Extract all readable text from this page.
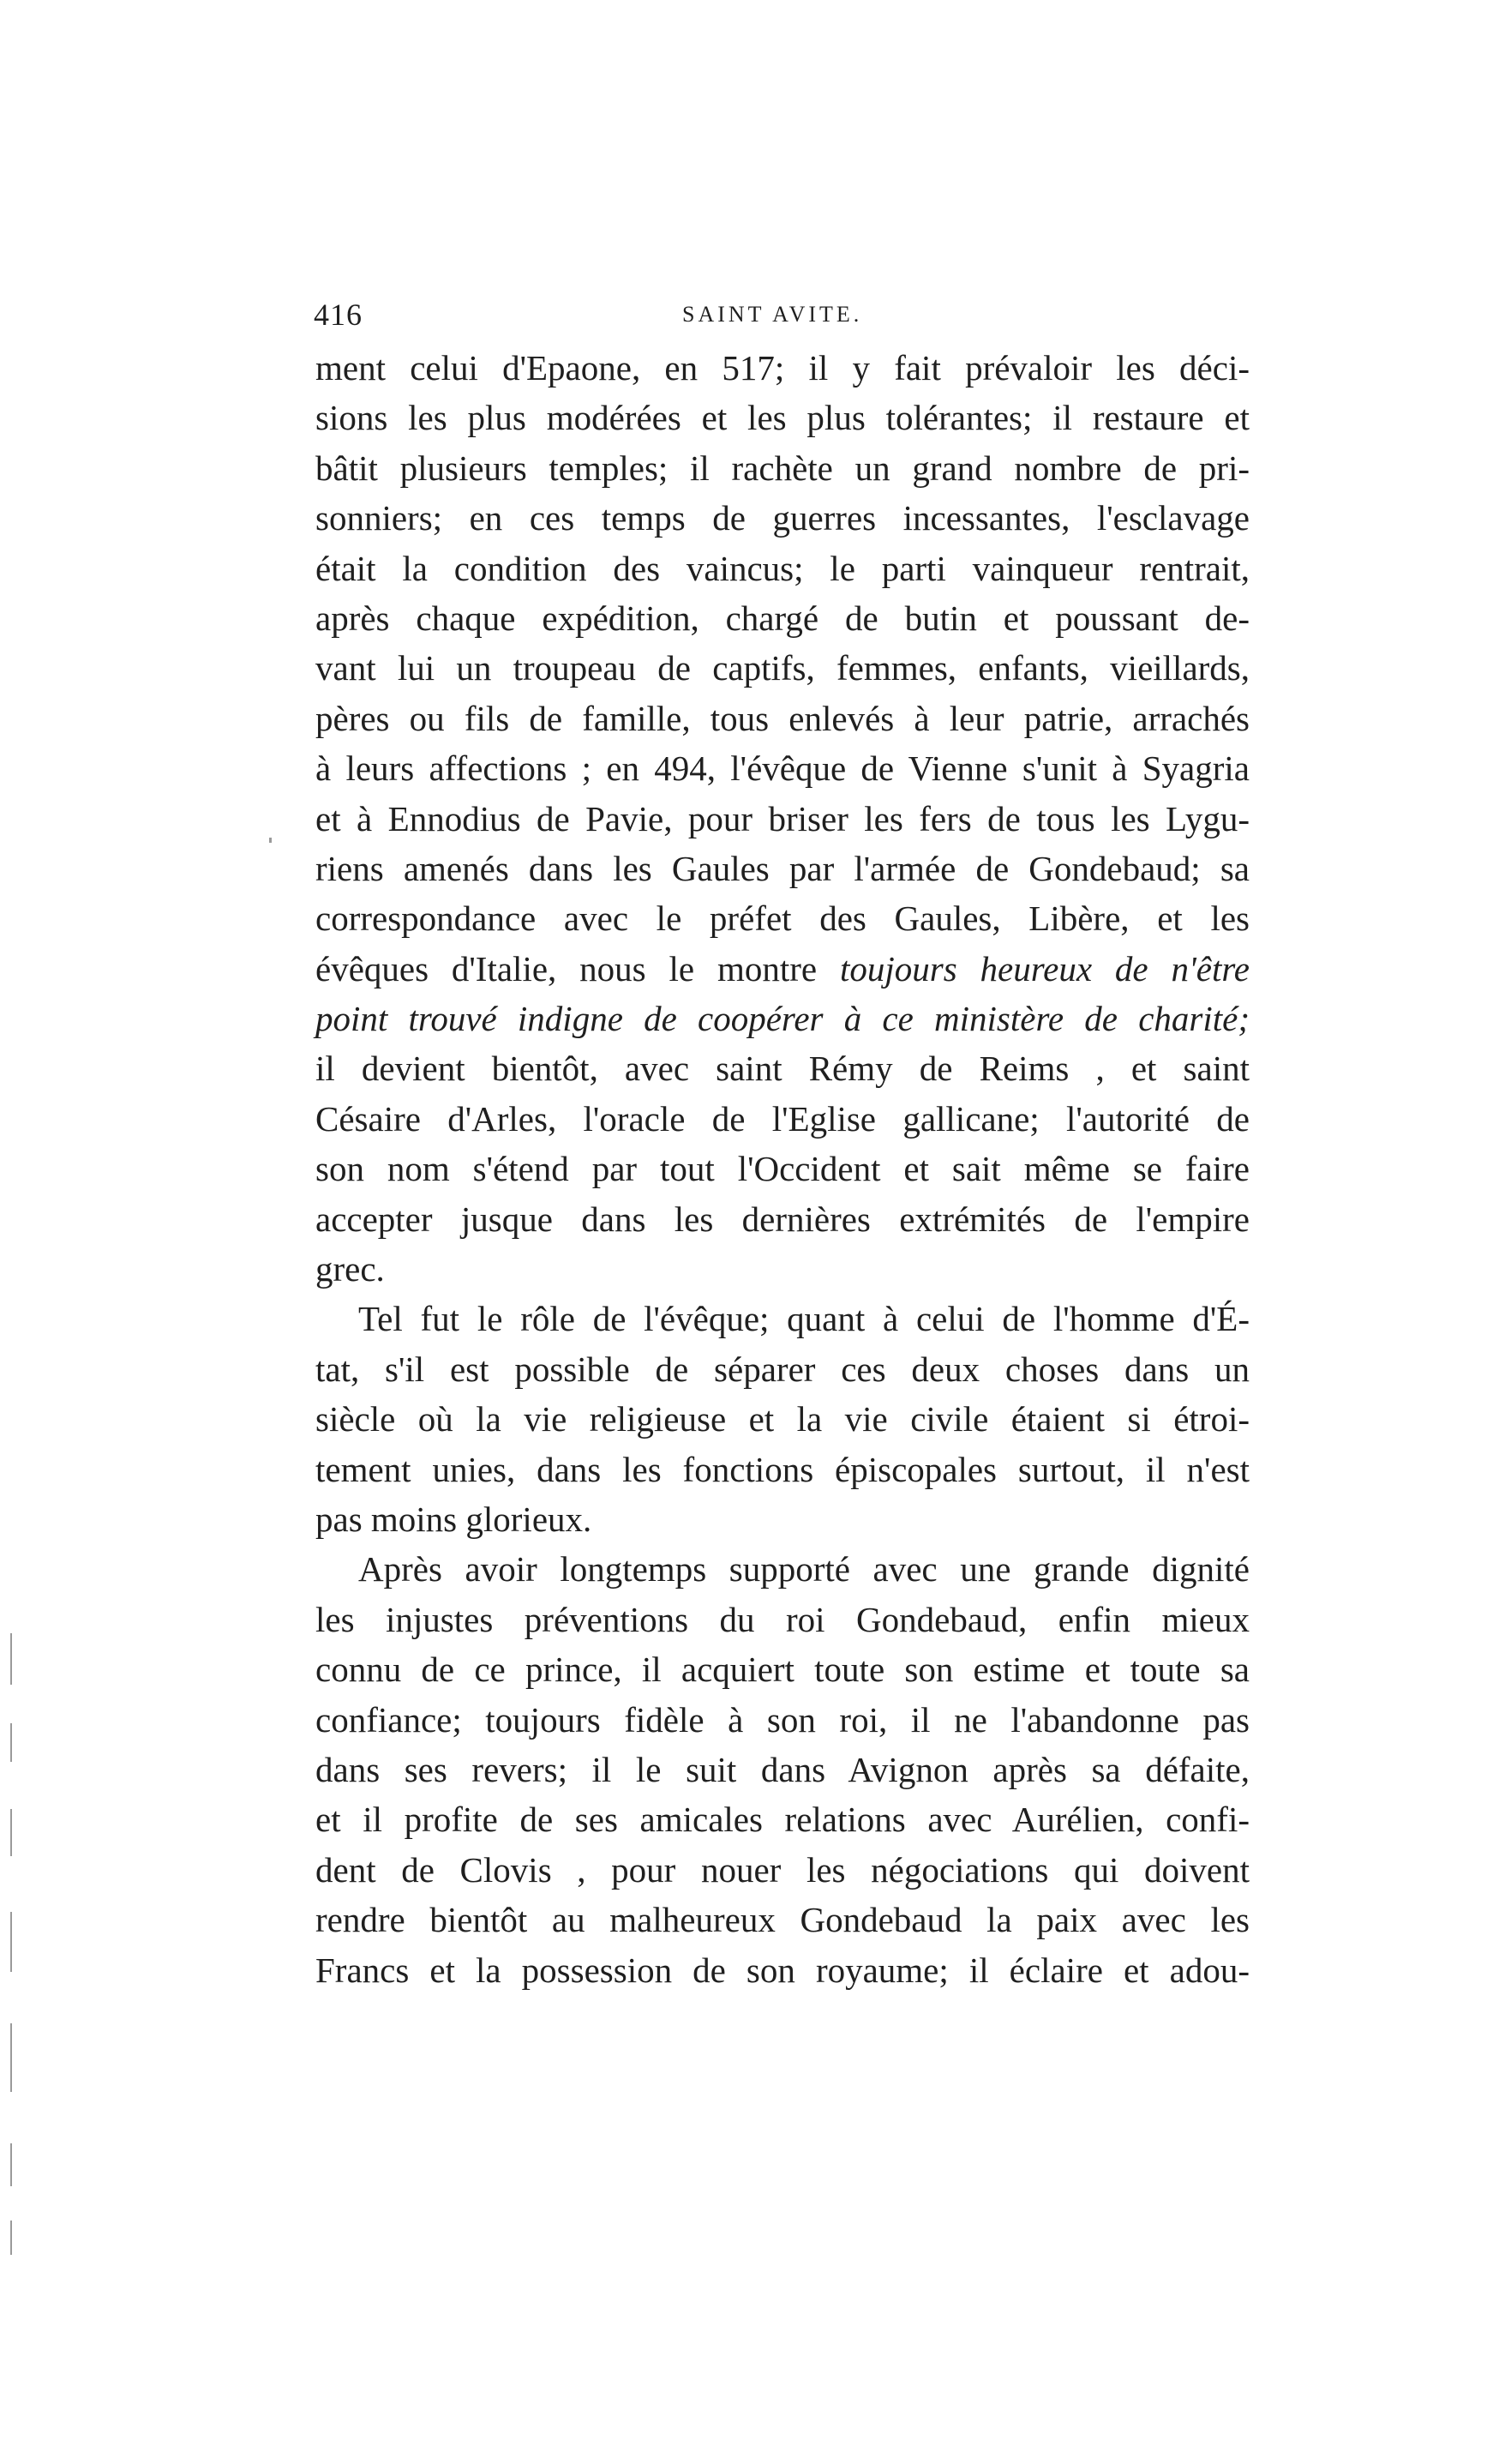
416	SAINT AVITE.
ment celui d'Epaone, en 517; il y fait prévaloir les déci-
sions les plus modérées et les plus tolérantes; il restaure et
bâtit plusieurs temples; il rachète un grand nombre de pri-
sonniers; en ces temps de guerres incessantes, l'esclavage
était la condition des vaincus; le parti vainqueur rentrait,
après chaque expédition, chargé de butin et poussant de-
vant lui un troupeau de captifs, femmes, enfants, vieillards,
pères ou fils de famille, tous enlevés à leur patrie, arrachés
à leurs affections ; en 494, l'évêque de Vienne s'unit à Syagria
et à Ennodius de Pavie, pour briser les fers de tous les Lygu-
riens amenés dans les Gaules par l'armée de Gondebaud; sa
correspondance avec le préfet des Gaules, Libère, et les
évêques d'Italie, nous le montre toujours heureux de n'être
point trouvé indigne de coopérer à ce ministère de charité;
il devient bientôt, avec saint Rémy de Reims , et saint
Césaire d'Arles, l'oracle de l'Eglise gallicane; l'autorité de
son nom s'étend par tout l'Occident et sait même se faire
accepter jusque dans les dernières extrémités de l'empire
grec.
Tel fut le rôle de l'évêque; quant à celui de l'homme d'É-
tat, s'il est possible de séparer ces deux choses dans un
siècle où la vie religieuse et la vie civile étaient si étroi-
tement unies, dans les fonctions épiscopales surtout, il n'est
pas moins glorieux.
Après avoir longtemps supporté avec une grande dignité
les injustes préventions du roi Gondebaud, enfin mieux
connu de ce prince, il acquiert toute son estime et toute sa
confiance; toujours fidèle à son roi, il ne l'abandonne pas
dans ses revers; il le suit dans Avignon après sa défaite,
et il profite de ses amicales relations avec Aurélien, confi-
dent de Clovis , pour nouer les négociations qui doivent
rendre bientôt au malheureux Gondebaud la paix avec les
Francs et la possession de son royaume; il éclaire et adou-
